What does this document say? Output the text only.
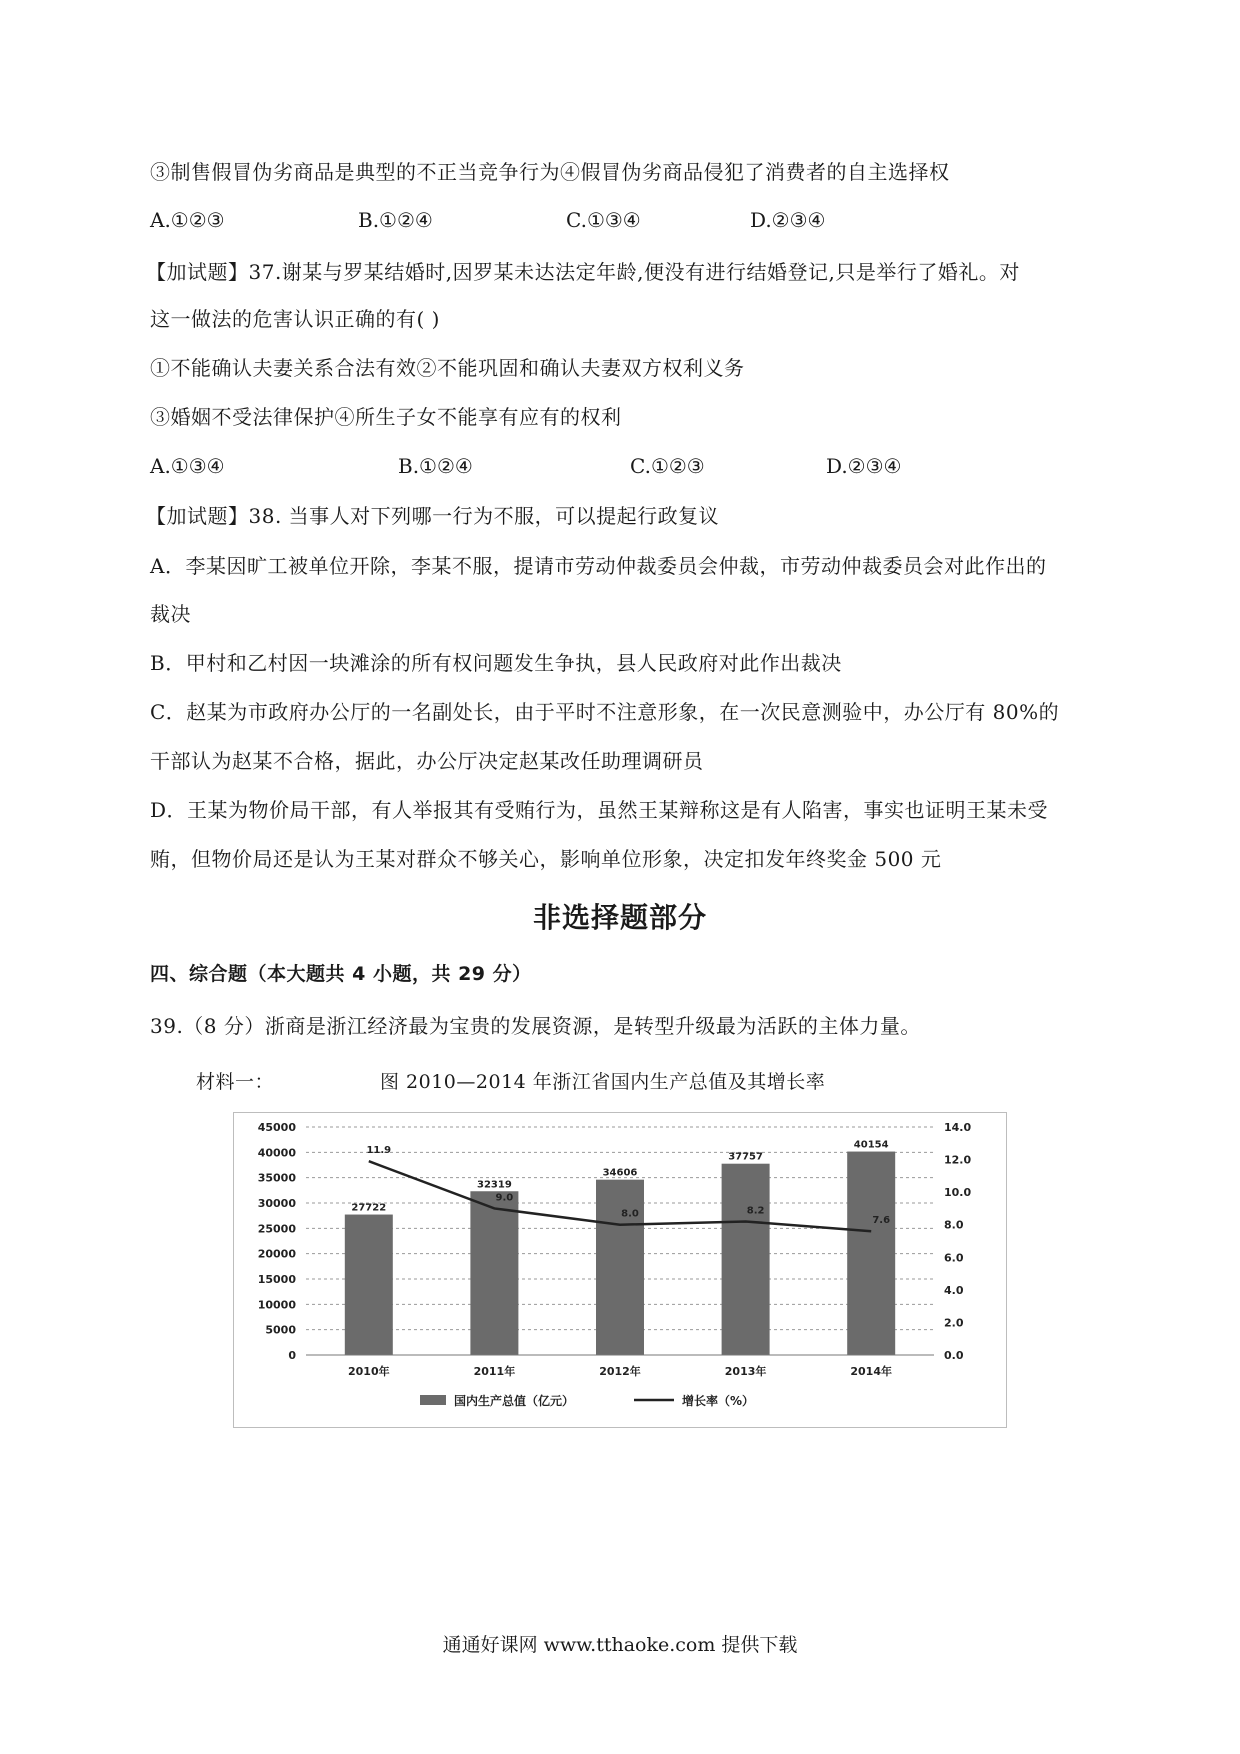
③制售假冒伪劣商品是典型的不正当竞争行为④假冒伪劣商品侵犯了消费者的自主选择权
A.①②③	B.①②④	C.①③④	D.②③④
【加试题】37.谢某与罗某结婚时,因罗某未达法定年龄,便没有进行结婚登记,只是举行了婚礼。对
这一做法的危害认识正确的有( )
①不能确认夫妻关系合法有效②不能巩固和确认夫妻双方权利义务
③婚姻不受法律保护④所生子女不能享有应有的权利
A.①③④	B.①②④	C.①②③	D.②③④
【加试题】38. 当事人对下列哪一行为不服，可以提起行政复议
A．李某因旷工被单位开除，李某不服，提请市劳动仲裁委员会仲裁，市劳动仲裁委员会对此作出的
裁决
B．甲村和乙村因一块滩涂的所有权问题发生争执，县人民政府对此作出裁决
C．赵某为市政府办公厅的一名副处长，由于平时不注意形象，在一次民意测验中，办公厅有 80%的
干部认为赵某不合格，据此，办公厅决定赵某改任助理调研员
D．王某为物价局干部，有人举报其有受贿行为，虽然王某辩称这是有人陷害，事实也证明王某未受
贿，但物价局还是认为王某对群众不够关心，影响单位形象，决定扣发年终奖金 500 元
非选择题部分
四、综合题（本大题共 4 小题，共 29 分）
39.（8 分）浙商是浙江经济最为宝贵的发展资源，是转型升级最为活跃的主体力量。
材料一：	图 2010—2014 年浙江省国内生产总值及其增长率
0
5000
10000
15000
20000
25000
30000
35000
40000
45000
0.0
2.0
4.0
6.0
8.0
10.0
12.0
14.0
27722
2010年
32319
2011年
34606
2012年
37757
2013年
40154
2014年
11.9
9.0
8.0	8.2
7.6
国内生产总值（亿元）	增长率（%）
通通好课网 www.tthaoke.com 提供下载
